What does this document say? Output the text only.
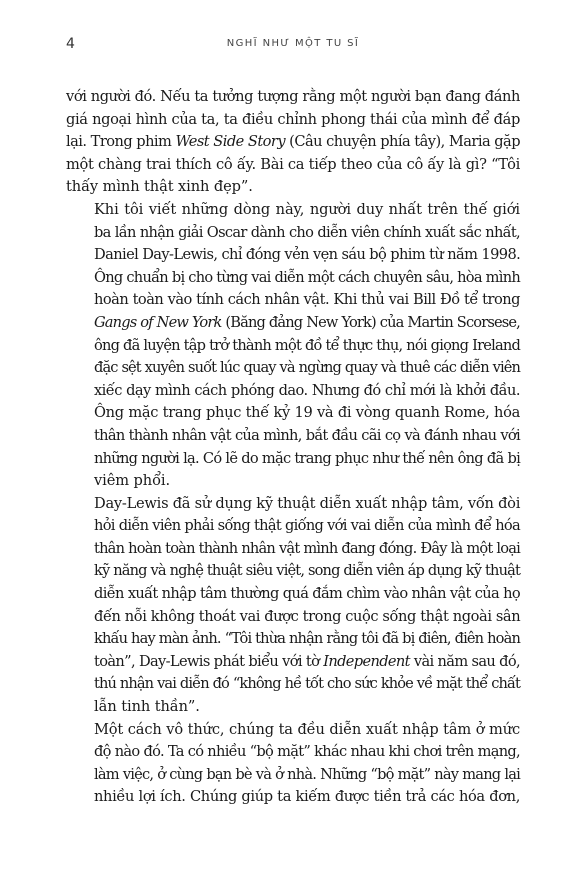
4	NGHĨ NHƯ MỘT TU SĨ

với người đó. Nếu ta tưởng tượng rằng một người bạn đang đánh
giá ngoại hình của ta, ta điều chỉnh phong thái của mình để đáp
lại. Trong phim West Side Story (Câu chuyện phía tây), Maria gặp
một chàng trai thích cô ấy. Bài ca tiếp theo của cô ấy là gì? “Tôi
thấy mình thật xinh đẹp”.

Khi tôi viết những dòng này, người duy nhất trên thế giới
ba lần nhận giải Oscar dành cho diễn viên chính xuất sắc nhất,
Daniel Day-Lewis, chỉ đóng vẻn vẹn sáu bộ phim từ năm 1998.
Ông chuẩn bị cho từng vai diễn một cách chuyên sâu, hòa mình
hoàn toàn vào tính cách nhân vật. Khi thủ vai Bill Đồ tể trong
Gangs of New York (Băng đảng New York) của Martin Scorsese,
ông đã luyện tập trở thành một đồ tể thực thụ, nói giọng Ireland
đặc sệt xuyên suốt lúc quay và ngừng quay và thuê các diễn viên
xiếc dạy mình cách phóng dao. Nhưng đó chỉ mới là khởi đầu.
Ông mặc trang phục thế kỷ 19 và đi vòng quanh Rome, hóa
thân thành nhân vật của mình, bắt đầu cãi cọ và đánh nhau với
những người lạ. Có lẽ do mặc trang phục như thế nên ông đã bị
viêm phổi.

Day-Lewis đã sử dụng kỹ thuật diễn xuất nhập tâm, vốn đòi
hỏi diễn viên phải sống thật giống với vai diễn của mình để hóa
thân hoàn toàn thành nhân vật mình đang đóng. Đây là một loại
kỹ năng và nghệ thuật siêu việt, song diễn viên áp dụng kỹ thuật
diễn xuất nhập tâm thường quá đắm chìm vào nhân vật của họ
đến nỗi không thoát vai được trong cuộc sống thật ngoài sân
khấu hay màn ảnh. “Tôi thừa nhận rằng tôi đã bị điên, điên hoàn
toàn”, Day-Lewis phát biểu với tờ Independent vài năm sau đó,
thú nhận vai diễn đó “không hề tốt cho sức khỏe về mặt thể chất
lẫn tinh thần”.

Một cách vô thức, chúng ta đều diễn xuất nhập tâm ở mức
độ nào đó. Ta có nhiều “bộ mặt” khác nhau khi chơi trên mạng,
làm việc, ở cùng bạn bè và ở nhà. Những “bộ mặt” này mang lại
nhiều lợi ích. Chúng giúp ta kiếm được tiền trả các hóa đơn,
